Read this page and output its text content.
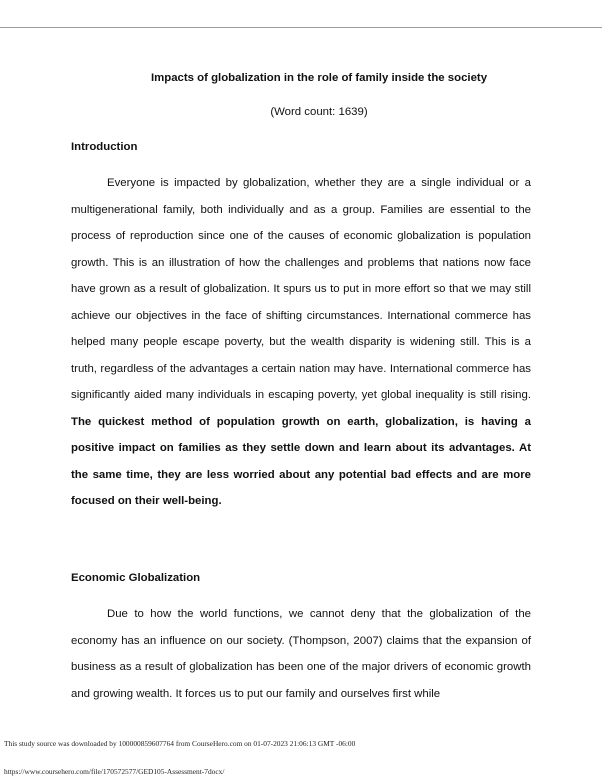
Impacts of globalization in the role of family inside the society
(Word count: 1639)
Introduction
Everyone is impacted by globalization, whether they are a single individual or a multigenerational family, both individually and as a group. Families are essential to the process of reproduction since one of the causes of economic globalization is population growth. This is an illustration of how the challenges and problems that nations now face have grown as a result of globalization. It spurs us to put in more effort so that we may still achieve our objectives in the face of shifting circumstances. International commerce has helped many people escape poverty, but the wealth disparity is widening still. This is a truth, regardless of the advantages a certain nation may have. International commerce has significantly aided many individuals in escaping poverty, yet global inequality is still rising. The quickest method of population growth on earth, globalization, is having a positive impact on families as they settle down and learn about its advantages. At the same time, they are less worried about any potential bad effects and are more focused on their well-being.
Economic Globalization
Due to how the world functions, we cannot deny that the globalization of the economy has an influence on our society. (Thompson, 2007) claims that the expansion of business as a result of globalization has been one of the major drivers of economic growth and growing wealth. It forces us to put our family and ourselves first while
This study source was downloaded by 100000859607764 from CourseHero.com on 01-07-2023 21:06:13 GMT -06:00
https://www.coursehero.com/file/170572577/GED105-Assessment-7docx/
